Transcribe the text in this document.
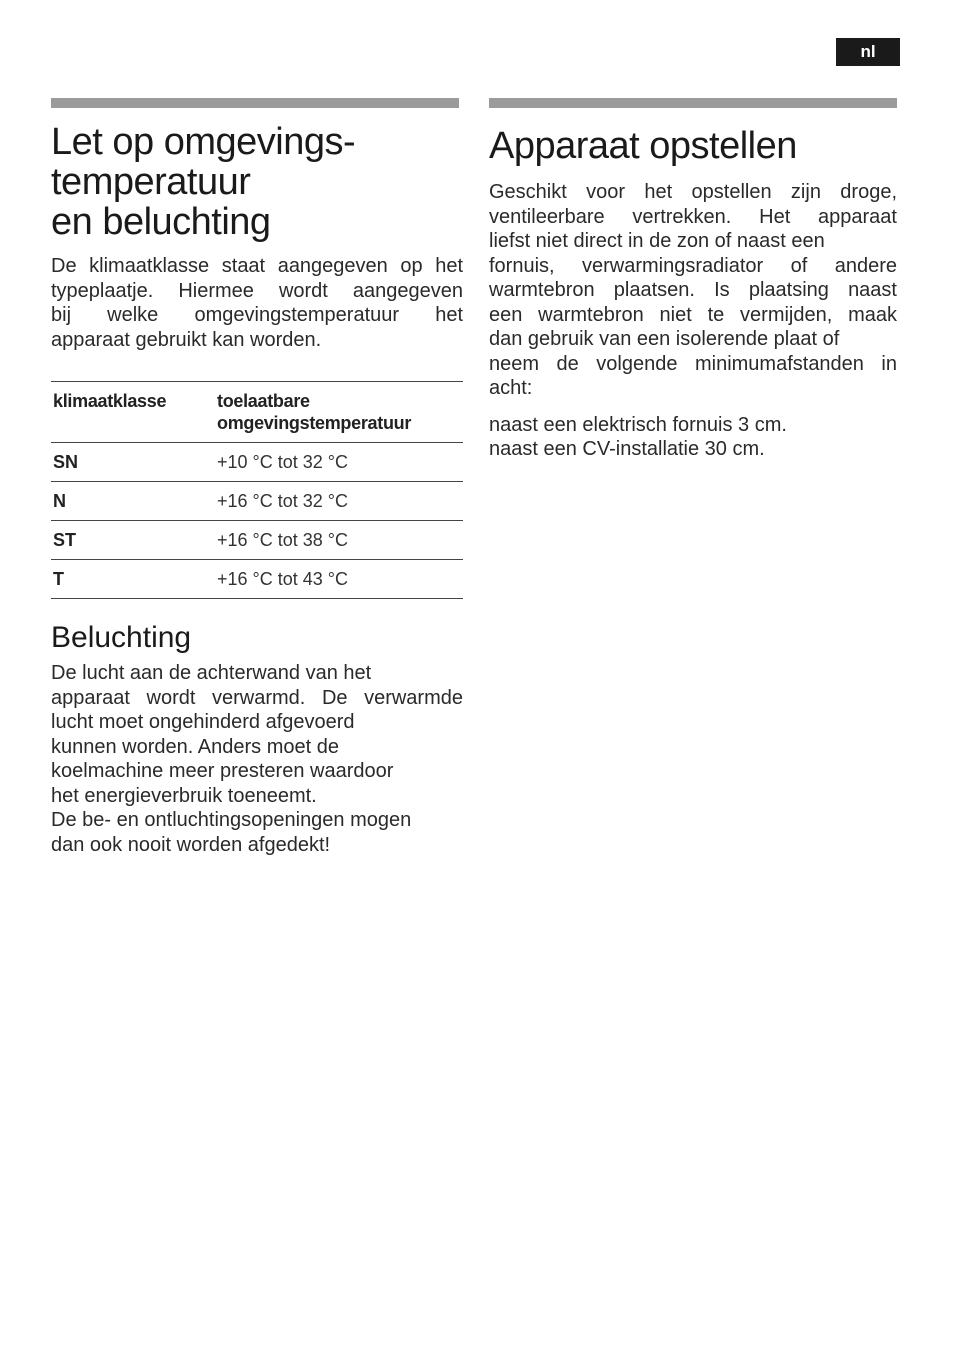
nl
Let op omgevings-
temperatuur
en beluchting

De klimaatklasse staat aangegeven op het
typeplaatje. Hiermee wordt aangegeven
bij welke omgevingstemperatuur het
apparaat gebruikt kan worden.

klimaatklasse	toelaatbare
omgevingstemperatuur

SN	+10 °C tot 32 °C
N	+16 °C tot 32 °C
ST	+16 °C tot 38 °C
T	+16 °C tot 43 °C
Beluchting

De lucht aan de achterwand van het
apparaat wordt verwarmd. De verwarmde
lucht moet ongehinderd afgevoerd
kunnen worden. Anders moet de
koelmachine meer presteren waardoor
het energieverbruik toeneemt.
De be- en ontluchtingsopeningen mogen
dan ook nooit worden afgedekt!

Apparaat opstellen

Geschikt voor het opstellen zijn droge,
ventileerbare vertrekken. Het apparaat
liefst niet direct in de zon of naast een
fornuis, verwarmingsradiator of andere
warmtebron plaatsen. Is plaatsing naast
een warmtebron niet te vermijden, maak
dan gebruik van een isolerende plaat of
neem de volgende minimumafstanden in
acht:

naast een elektrisch fornuis 3 cm.
naast een CV-installatie 30 cm.
